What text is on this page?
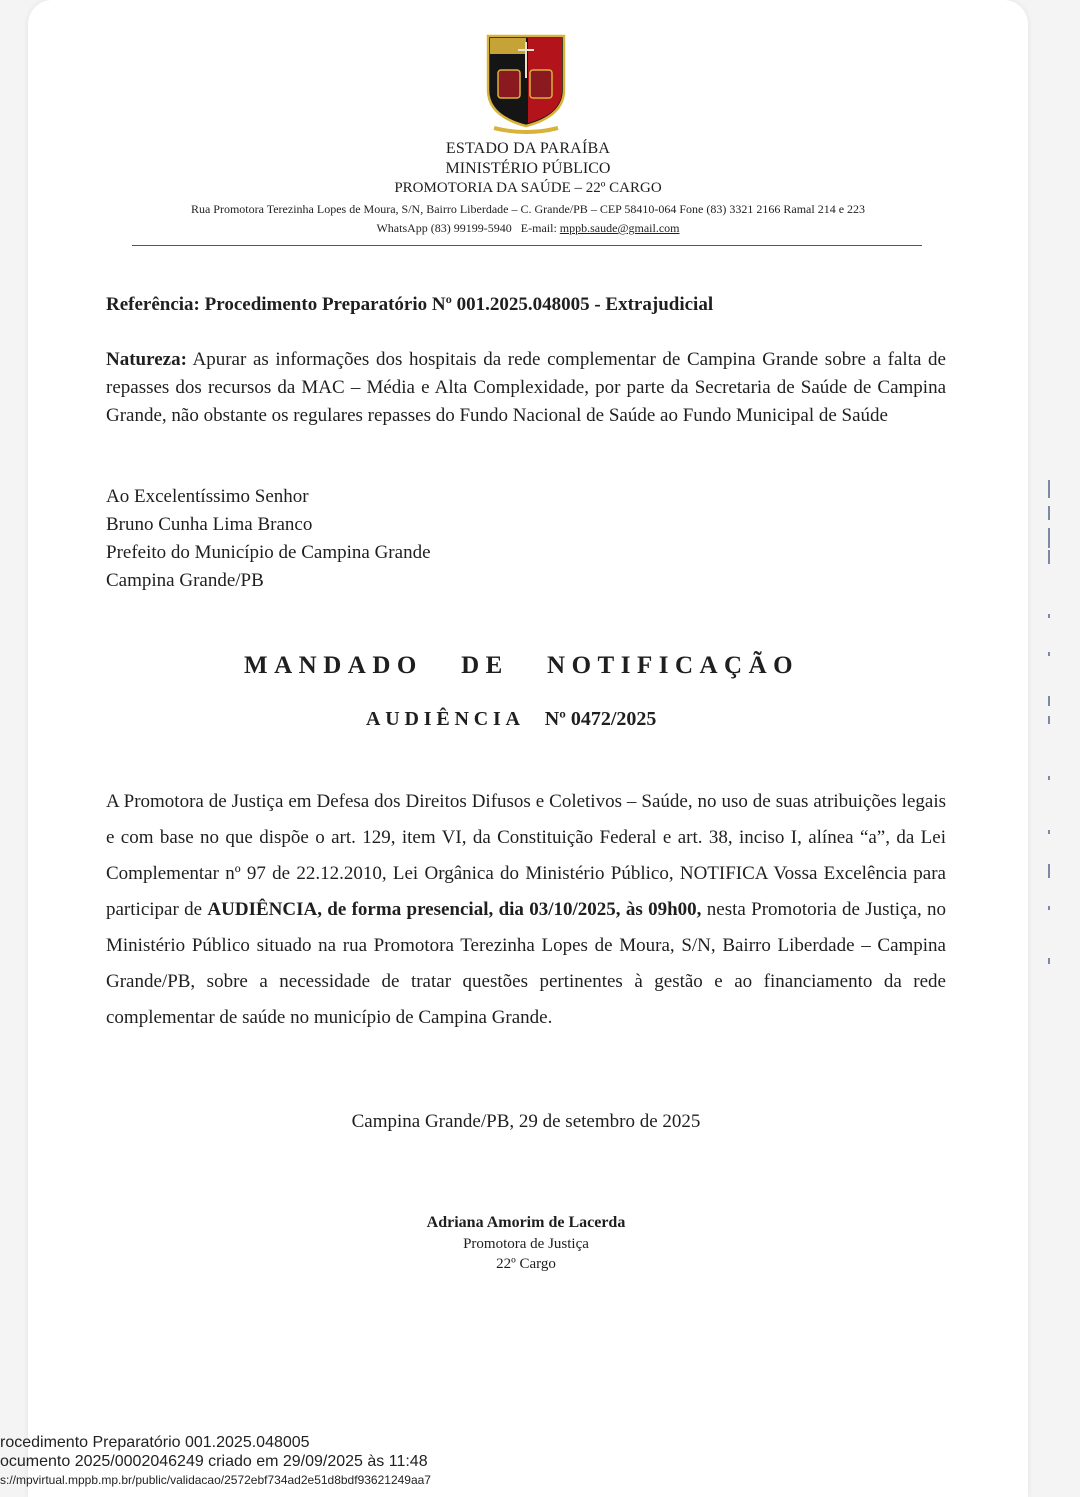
ESTADO DA PARAÍBA
MINISTÉRIO PÚBLICO
PROMOTORIA DA SAÚDE – 22º CARGO
Rua Promotora Terezinha Lopes de Moura, S/N, Bairro Liberdade – C. Grande/PB – CEP 58410-064 Fone (83) 3321 2166 Ramal 214 e 223
WhatsApp (83) 99199-5940 E-mail: mppb.saude@gmail.com
Referência: Procedimento Preparatório Nº 001.2025.048005 - Extrajudicial
Natureza: Apurar as informações dos hospitais da rede complementar de Campina Grande sobre a falta de repasses dos recursos da MAC – Média e Alta Complexidade, por parte da Secretaria de Saúde de Campina Grande, não obstante os regulares repasses do Fundo Nacional de Saúde ao Fundo Municipal de Saúde
Ao Excelentíssimo Senhor
Bruno Cunha Lima Branco
Prefeito do Município de Campina Grande
Campina Grande/PB
MANDADO   DE   NOTIFICAÇÃO
AUDIÊNCIA Nº 0472/2025
A Promotora de Justiça em Defesa dos Direitos Difusos e Coletivos – Saúde, no uso de suas atribuições legais e com base no que dispõe o art. 129, item VI, da Constituição Federal e art. 38, inciso I, alínea “a”, da Lei Complementar nº 97 de 22.12.2010, Lei Orgânica do Ministério Público, NOTIFICA Vossa Excelência para participar de AUDIÊNCIA, de forma presencial, dia 03/10/2025, às 09h00, nesta Promotoria de Justiça, no Ministério Público situado na rua Promotora Terezinha Lopes de Moura, S/N, Bairro Liberdade – Campina Grande/PB, sobre a necessidade de tratar questões pertinentes à gestão e ao financiamento da rede complementar de saúde no município de Campina Grande.
Campina Grande/PB, 29 de setembro de 2025
Adriana Amorim de Lacerda
Promotora de Justiça
22º Cargo
rocedimento Preparatório 001.2025.048005
ocumento 2025/0002046249 criado em 29/09/2025 às 11:48
s://mpvirtual.mppb.mp.br/public/validacao/2572ebf734ad2e51d8bdf93621249aa7
